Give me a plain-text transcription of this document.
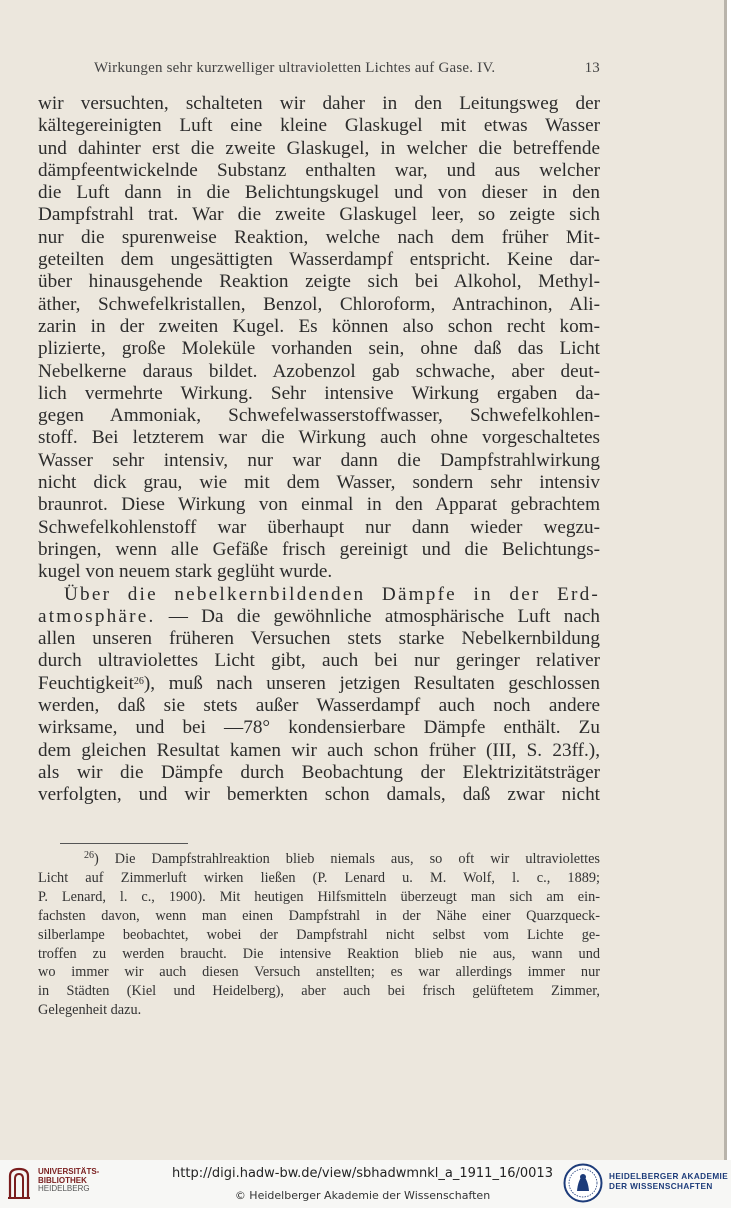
Wirkungen sehr kurzwelliger ultravioletten Lichtes auf Gase. IV.	13
wir versuchten, schalteten wir daher in den Leitungsweg der
kältegereinigten Luft eine kleine Glaskugel mit etwas Wasser
und dahinter erst die zweite Glaskugel, in welcher die betreffende
dämpfeentwickelnde Substanz enthalten war, und aus welcher
die Luft dann in die Belichtungskugel und von dieser in den
Dampfstrahl trat. War die zweite Glaskugel leer, so zeigte sich
nur die spurenweise Reaktion, welche nach dem früher Mit-
geteilten dem ungesättigten Wasserdampf entspricht. Keine dar-
über hinausgehende Reaktion zeigte sich bei Alkohol, Methyl-
äther, Schwefelkristallen, Benzol, Chloroform, Antrachinon, Ali-
zarin in der zweiten Kugel. Es können also schon recht kom-
plizierte, große Moleküle vorhanden sein, ohne daß das Licht
Nebelkerne daraus bildet. Azobenzol gab schwache, aber deut-
lich vermehrte Wirkung. Sehr intensive Wirkung ergaben da-
gegen Ammoniak, Schwefelwasserstoffwasser, Schwefelkohlen-
stoff. Bei letzterem war die Wirkung auch ohne vorgeschaltetes
Wasser sehr intensiv, nur war dann die Dampfstrahlwirkung
nicht dick grau, wie mit dem Wasser, sondern sehr intensiv
braunrot. Diese Wirkung von einmal in den Apparat gebrachtem
Schwefelkohlenstoff war überhaupt nur dann wieder wegzu-
bringen, wenn alle Gefäße frisch gereinigt und die Belichtungs-
kugel von neuem stark geglüht wurde.
Über die nebelkernbildenden Dämpfe in der Erd-
atmosphäre. — Da die gewöhnliche atmosphärische Luft nach
allen unseren früheren Versuchen stets starke Nebelkernbildung
durch ultraviolettes Licht gibt, auch bei nur geringer relativer
Feuchtigkeit$^{26}$), muß nach unseren jetzigen Resultaten geschlossen
werden, daß sie stets außer Wasserdampf auch noch andere
wirksame, und bei —78° kondensierbare Dämpfe enthält. Zu
dem gleichen Resultat kamen wir auch schon früher (III, S. 23ff.),
als wir die Dämpfe durch Beobachtung der Elektrizitätsträger
verfolgten, und wir bemerkten schon damals, daß zwar nicht
$^{26}$) Die Dampfstrahlreaktion blieb niemals aus, so oft wir ultraviolettes
Licht auf Zimmerluft wirken ließen (P. Lenard u. M. Wolf, l. c., 1889;
P. Lenard, l. c., 1900). Mit heutigen Hilfsmitteln überzeugt man sich am ein-
fachsten davon, wenn man einen Dampfstrahl in der Nähe einer Quarzqueck-
silberlampe beobachtet, wobei der Dampfstrahl nicht selbst vom Lichte ge-
troffen zu werden braucht. Die intensive Reaktion blieb nie aus, wann und
wo immer wir auch diesen Versuch anstellten; es war allerdings immer nur
in Städten (Kiel und Heidelberg), aber auch bei frisch gelüftetem Zimmer,
Gelegenheit dazu.
UNIVERSITÄTS-
BIBLIOTHEK
HEIDELBERG
http://digi.hadw-bw.de/view/sbhadwmnkl_a_1911_16/0013
© Heidelberger Akademie der Wissenschaften
HEIDELBERGER AKADEMIE
DER WISSENSCHAFTEN
